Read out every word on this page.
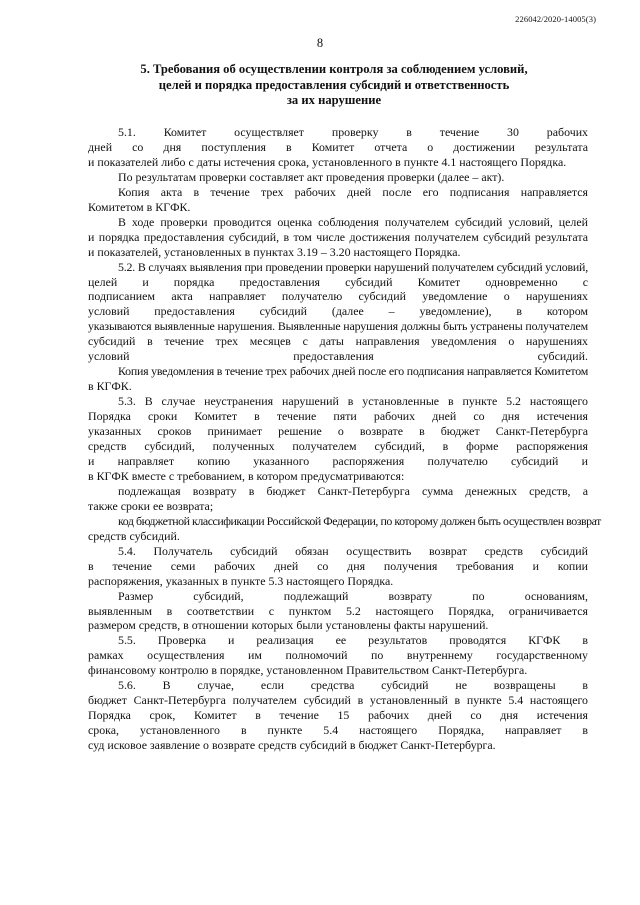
226042/2020-14005(3)
8
5. Требования об осуществлении контроля за соблюдением условий,
целей и порядка предоставления субсидий и ответственность
за их нарушение

5.1. Комитет осуществляет проверку в течение 30 рабочих
дней со дня поступления в Комитет отчета о достижении результата
и показателей либо с даты истечения срока, установленного в пункте 4.1 настоящего Порядка.

По результатам проверки составляет акт проведения проверки (далее – акт).

Копия акта в течение трех рабочих дней после его подписания направляется
Комитетом в КГФК.

В ходе проверки проводится оценка соблюдения получателем субсидий условий, целей
и порядка предоставления субсидий, в том числе достижения получателем субсидий результата
и показателей, установленных в пунктах 3.19 – 3.20 настоящего Порядка.

5.2. В случаях выявления при проведении проверки нарушений получателем субсидий условий,
целей и порядка предоставления субсидий Комитет одновременно с
подписанием акта направляет получателю субсидий уведомление о нарушениях
условий предоставления субсидий (далее – уведомление), в котором
указываются выявленные нарушения. Выявленные нарушения должны быть устранены получателем
субсидий в течение трех месяцев с даты направления уведомления о нарушениях
условий предоставления субсидий.

Копия уведомления в течение трех рабочих дней после его подписания направляется Комитетом
в КГФК.

5.3. В случае неустранения нарушений в установленные в пункте 5.2 настоящего
Порядка сроки Комитет в течение пяти рабочих дней со дня истечения
указанных сроков принимает решение о возврате в бюджет Санкт-Петербурга
средств субсидий, полученных получателем субсидий, в форме распоряжения
и направляет копию указанного распоряжения получателю субсидий и
в КГФК вместе с требованием, в котором предусматриваются:

подлежащая возврату в бюджет Санкт-Петербурга сумма денежных средств, а
также сроки ее возврата;

код бюджетной классификации Российской Федерации, по которому должен быть осуществлен возврат
средств субсидий.

5.4. Получатель субсидий обязан осуществить возврат средств субсидий
в течение семи рабочих дней со дня получения требования и копии
распоряжения, указанных в пункте 5.3 настоящего Порядка.

Размер субсидий, подлежащий возврату по основаниям,
выявленным в соответствии с пунктом 5.2 настоящего Порядка, ограничивается
размером средств, в отношении которых были установлены факты нарушений.

5.5. Проверка и реализация ее результатов проводятся КГФК в
рамках осуществления им полномочий по внутреннему государственному
финансовому контролю в порядке, установленном Правительством Санкт-Петербурга.

5.6. В случае, если средства субсидий не возвращены в
бюджет Санкт-Петербурга получателем субсидий в установленный в пункте 5.4 настоящего
Порядка срок, Комитет в течение 15 рабочих дней со дня истечения
срока, установленного в пункте 5.4 настоящего Порядка, направляет в
суд исковое заявление о возврате средств субсидий в бюджет Санкт-Петербурга.
